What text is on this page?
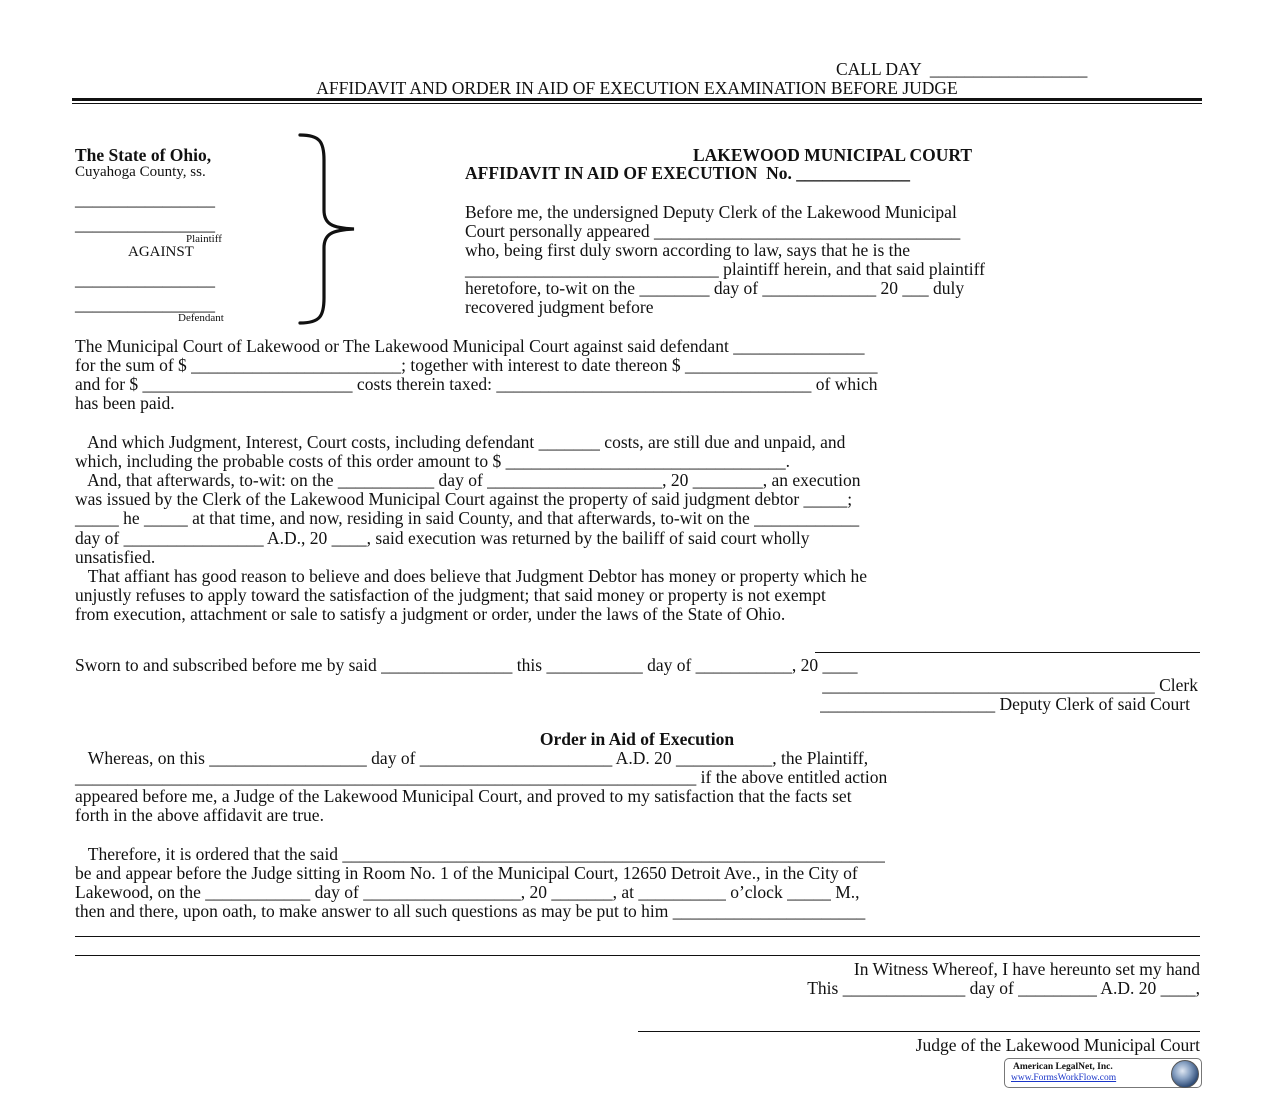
CALL DAY  __________________
AFFIDAVIT AND ORDER IN AID OF EXECUTION EXAMINATION BEFORE JUDGE
The State of Ohio,
Cuyahoga County, ss.
________________
________________
Plaintiff
AGAINST
________________
________________
Defendant
LAKEWOOD MUNICIPAL COURT
AFFIDAVIT IN AID OF EXECUTION  No. _____________
Before me, the undersigned Deputy Clerk of the Lakewood Municipal
Court personally appeared ___________________________________
who, being first duly sworn according to law, says that he is the
_____________________________ plaintiff herein, and that said plaintiff
heretofore, to-wit on the ________ day of _____________ 20 ___ duly
recovered judgment before
The Municipal Court of Lakewood or The Lakewood Municipal Court against said defendant _______________
for the sum of $ ________________________; together with interest to date thereon $ ______________________
and for $ ________________________ costs therein taxed: ____________________________________ of which
has been paid.
And which Judgment, Interest, Court costs, including defendant _______ costs, are still due and unpaid, and
which, including the probable costs of this order amount to $ ________________________________.
And, that afterwards, to-wit: on the ___________ day of ____________________, 20 ________, an execution
was issued by the Clerk of the Lakewood Municipal Court against the property of said judgment debtor _____;
_____ he _____ at that time, and now, residing in said County, and that afterwards, to-wit on the ____________
day of ________________ A.D., 20 ____, said execution was returned by the bailiff of said court wholly
unsatisfied.
That affiant has good reason to believe and does believe that Judgment Debtor has money or property which he
unjustly refuses to apply toward the satisfaction of the judgment; that said money or property is not exempt
from execution, attachment or sale to satisfy a judgment or order, under the laws of the State of Ohio.
Sworn to and subscribed before me by said _______________ this ___________ day of ___________, 20 ____
______________________________________ Clerk
____________________ Deputy Clerk of said Court
Order in Aid of Execution
Whereas, on this __________________ day of ______________________ A.D. 20 ___________, the Plaintiff,
_______________________________________________________________________ if the above entitled action
appeared before me, a Judge of the Lakewood Municipal Court, and proved to my satisfaction that the facts set
forth in the above affidavit are true.
Therefore, it is ordered that the said ______________________________________________________________
be and appear before the Judge sitting in Room No. 1 of the Municipal Court, 12650 Detroit Ave., in the City of
Lakewood, on the ____________ day of __________________, 20 _______, at __________ o’clock _____ M.,
then and there, upon oath, to make answer to all such questions as may be put to him ______________________
In Witness Whereof, I have hereunto set my hand
This ______________ day of _________ A.D. 20 ____,
Judge of the Lakewood Municipal Court
American LegalNet, Inc.
www.FormsWorkFlow.com
